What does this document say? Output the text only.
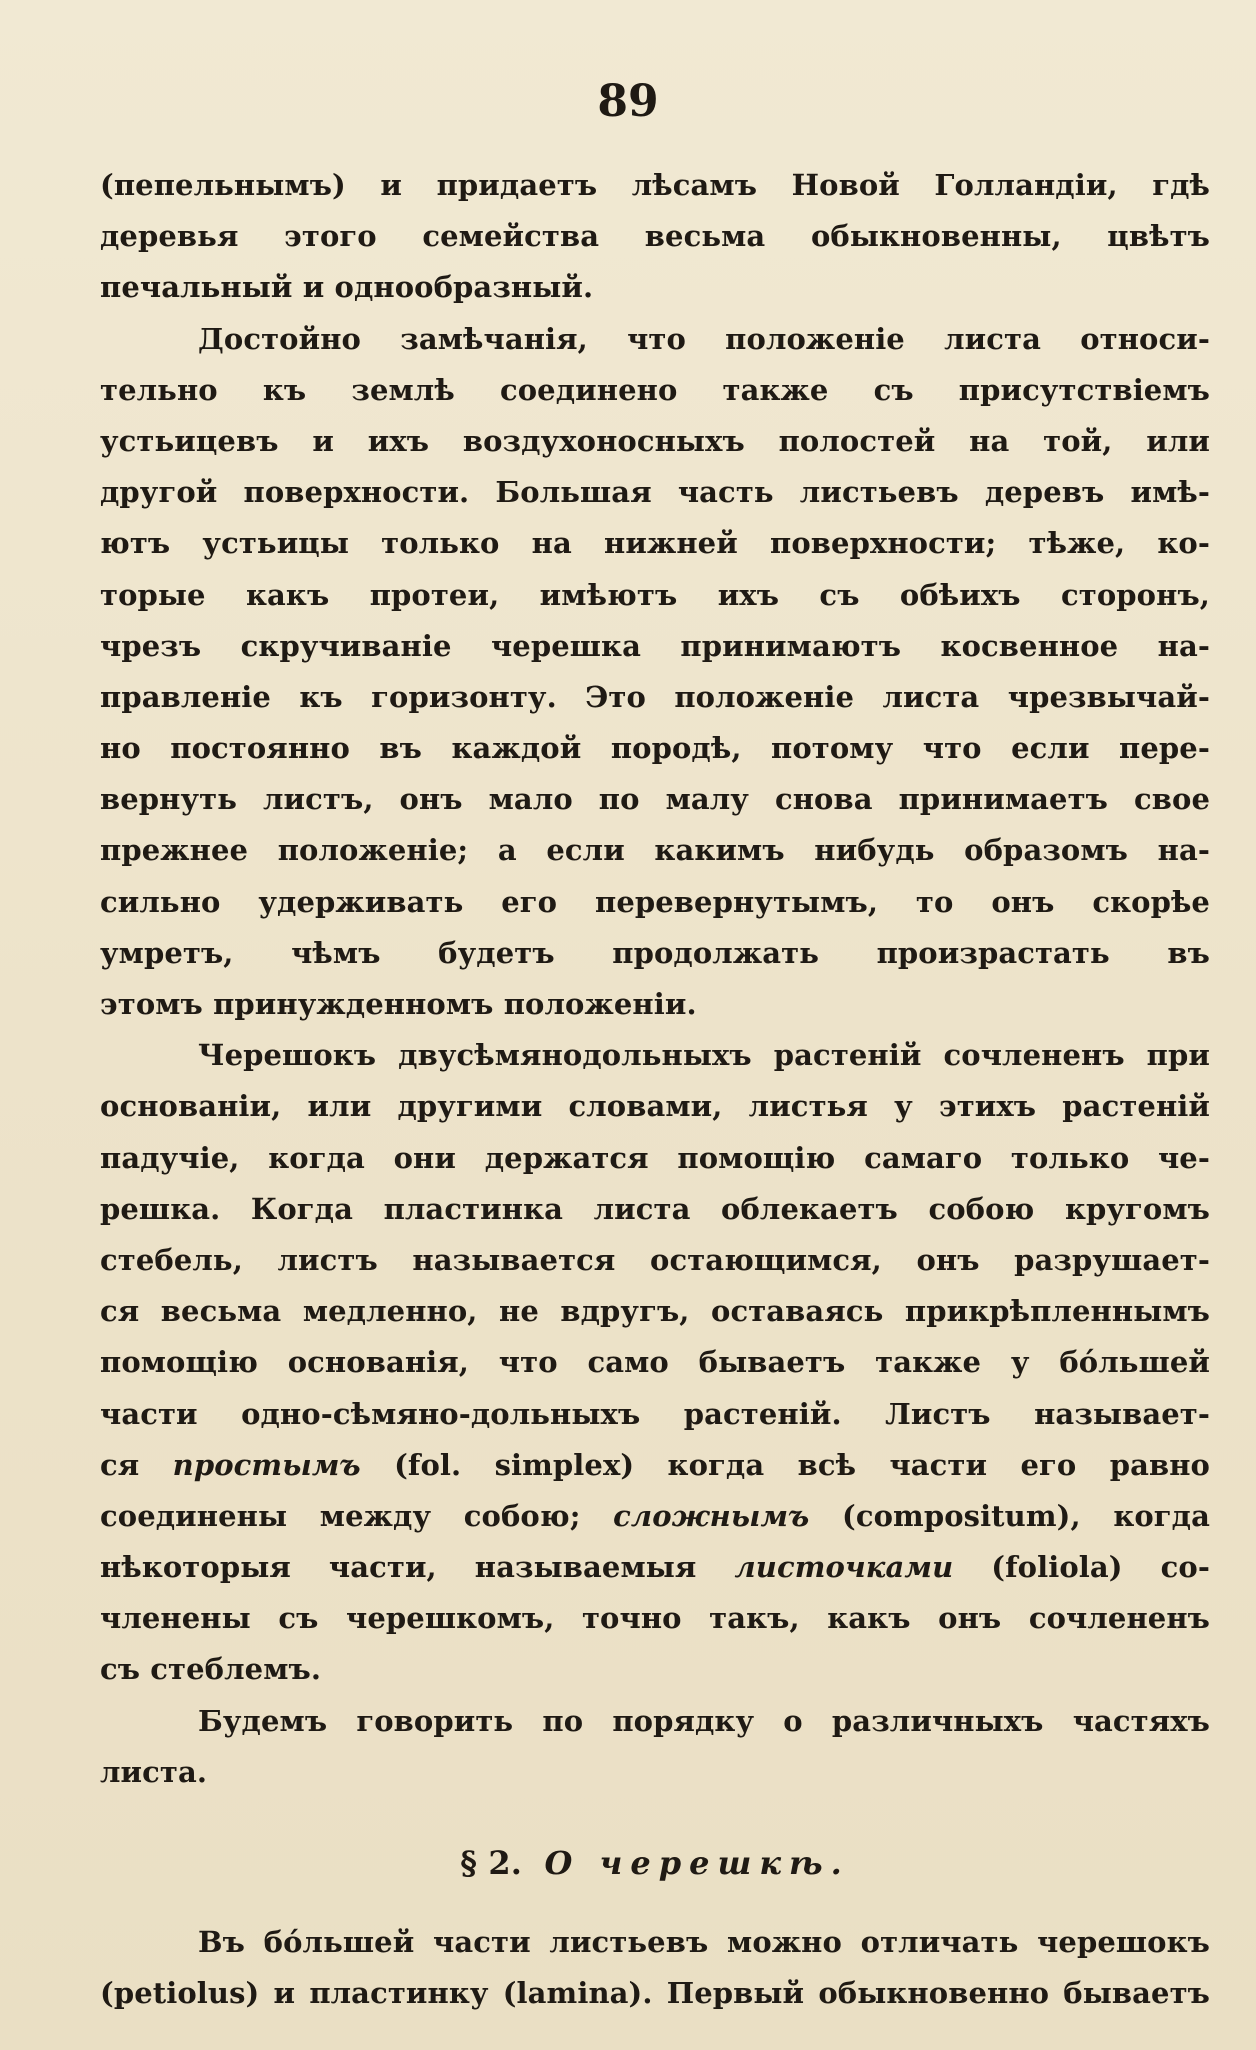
89
(пепельнымъ) и придаетъ лѣсамъ Новой Голландіи, гдѣ
деревья этого семейства весьма обыкновенны, цвѣтъ
печальный и однообразный.
Достойно замѣчанія, что положеніе листа относи-
тельно къ землѣ соединено также съ присутствіемъ
устьицевъ и ихъ воздухоносныхъ полостей на той, или
другой поверхности. Большая часть листьевъ деревъ имѣ-
ютъ устьицы только на нижней поверхности; тѣже, ко-
торые какъ протеи, имѣютъ ихъ съ обѣихъ сторонъ,
чрезъ скручиваніе черешка принимаютъ косвенное на-
правленіе къ горизонту. Это положеніе листа чрезвычай-
но постоянно въ каждой породѣ, потому что если пере-
вернуть листъ, онъ мало по малу снова принимаетъ свое
прежнее положеніе; а если какимъ нибудь образомъ на-
сильно удерживать его перевернутымъ, то онъ скорѣе
умретъ, чѣмъ будетъ продолжать произрастать въ
этомъ принужденномъ положеніи.
Черешокъ двусѣмянодольныхъ растеній сочлененъ при
основаніи, или другими словами, листья у этихъ растеній
падучіе, когда они держатся помощію самаго только че-
решка. Когда пластинка листа облекаетъ собою кругомъ
стебель, листъ называется остающимся, онъ разрушает-
ся весьма медленно, не вдругъ, оставаясь прикрѣпленнымъ
помощію основанія, что само бываетъ также у бóльшей
части одно-сѣмяно-дольныхъ растеній. Листъ называет-
ся простымъ (fol. simplex) когда всѣ части его равно
соединены между собою; сложнымъ (compositum), когда
нѣкоторыя части, называемыя листочками (foliola) со-
членены съ черешкомъ, точно такъ, какъ онъ сочлененъ
съ стеблемъ.
Будемъ говорить по порядку о различныхъ частяхъ
листа.
§ 2. О черешкѣ.
Въ бóльшей части листьевъ можно отличать черешокъ
(petiolus) и пластинку (lamina). Первый обыкновенно бываетъ
